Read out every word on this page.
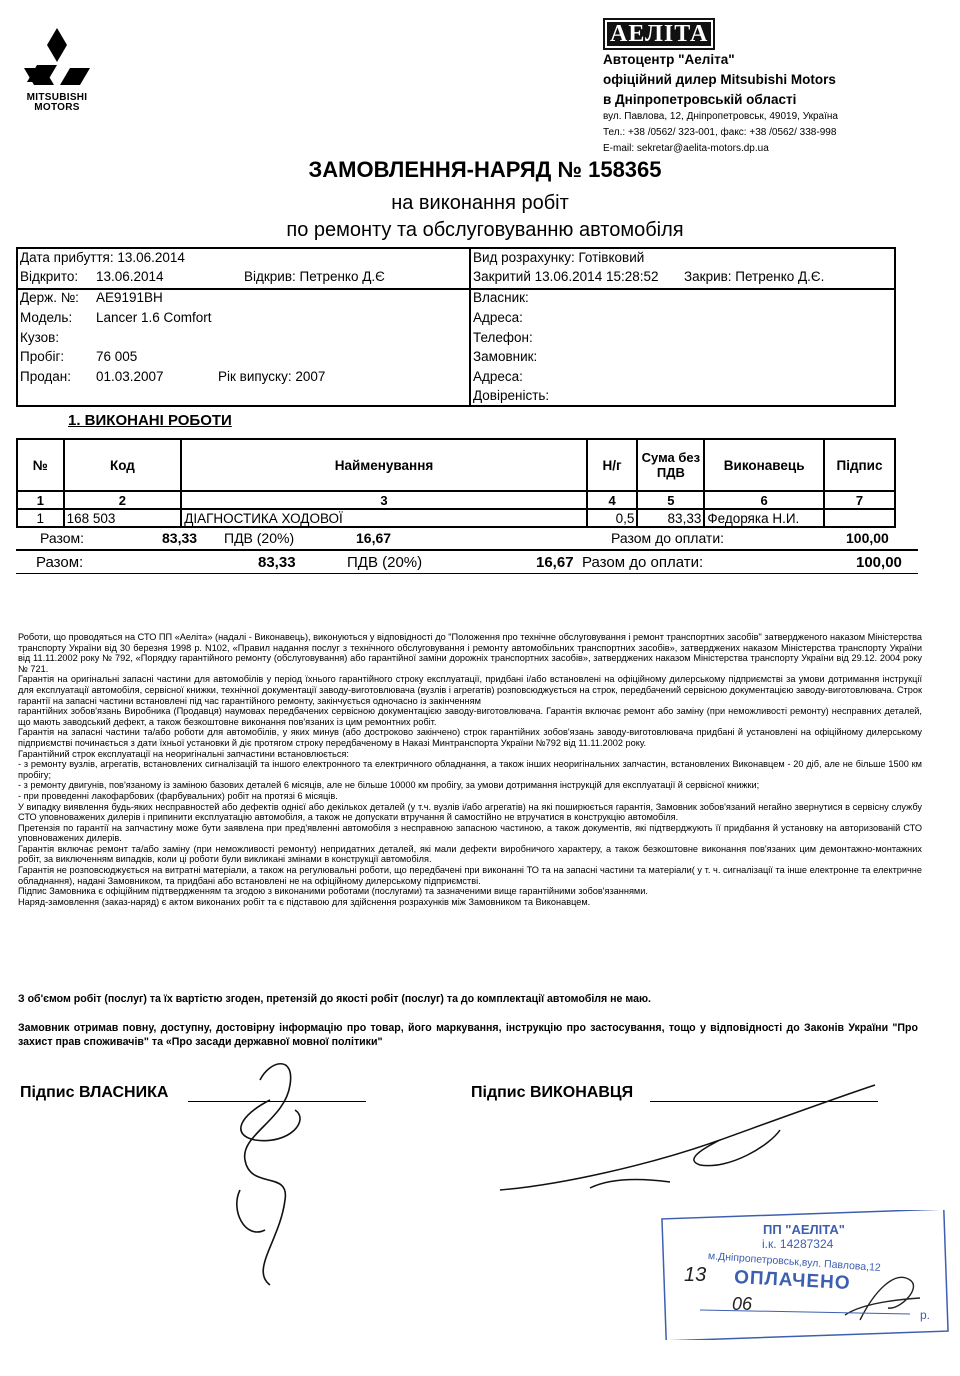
MITSUBISHI
MOTORS
АЕЛІТА
Автоцентр "Аеліта"
офіційний дилер Mitsubishi Motors
в Дніпропетровській області
вул. Павлова, 12, Дніпропетровськ, 49019, Україна
Тел.: +38 /0562/ 323-001, факс: +38 /0562/ 338-998
E-mail: sekretar@aelita-motors.dp.ua
ЗАМОВЛЕННЯ-НАРЯД № 158365
на виконання робіт
по ремонту та обслуговуванню автомобіля
Дата прибуття: 13.06.2014
Відкрито: 13.06.2014	Відкрив: Петренко Д.Є
Вид розрахунку: Готівковий
Закритий 13.06.2014 15:28:52	Закрив: Петренко Д.Є.
Держ. №: AE9191BH
Модель: Lancer 1.6 Comfort
Кузов:
Пробіг: 76 005
Продан: 01.03.2007	Рік випуску: 2007
Власник:
Адреса:
Телефон:
Замовник:
Адреса:
Довіреність:
1. ВИКОНАНІ РОБОТИ
№	Код	Найменування	Н/г	Сума без ПДВ	Виконавець	Підпис
1	2	3	4	5	6	7
1	168 503	ДІАГНОСТИКА ХОДОВОЇ	0,5	83,33	Федоряка Н.И.	
Разом:	83,33 ПДВ (20%)	16,67	Разом до оплати:	100,00
Разом:	83,33	ПДВ (20%)	16,67 Разом до оплати:	100,00

Роботи, що проводяться на СТО ПП «Аеліта» (надалі - Виконавець), виконуються у відповідності до "Положення про технічне обслуговування і ремонт транспортних засобів" затвердженого наказом Міністерства транспорту України від 30 березня 1998 р. N102, «Правил надання послуг з технічного обслуговування і ремонту автомобільних транспортних засобів», затверджених наказом Міністерства транспорту України від 11.11.2002 року № 792, «Порядку гарантійного ремонту (обслуговування) або гарантійної заміни дорожніх транспортних засобів», затверджених наказом Міністерства транспорту України від 29.12. 2004 року № 721.

Гарантія на оригінальні запасні частини для автомобілів у період їхнього гарантійного строку експлуатації, придбані і/або встановлені на офіційному дилерському підприємстві за умови дотримання інструкції для експлуатації автомобіля, сервісної книжки, технічної документації заводу-виготовлювача (вузлів і агрегатів) розповсюджується на строк, передбачений сервісною документацією заводу-виготовлювача. Строк гарантії на запасні частини встановлені під час гарантійного ремонту, закінчується одночасно із закінченням

гарантійних зобов'язань Виробника (Продавця) наумовах передбачених сервісною документацією заводу-виготовлювача. Гарантія включає ремонт або заміну (при неможливості ремонту) несправних деталей, що мають заводський дефект, а також безкоштовне виконання пов'язаних із цим ремонтних робіт.

Гарантія на запасні частини та/або роботи для автомобілів, у яких минув (або достроково закінчено) строк гарантійних зобов'язань заводу-виготовлювача придбані й установлені на офіційному дилерському підприємстві починається з дати їхньої установки й діє протягом строку передбаченому в Наказі Минтранспорта України №792 від 11.11.2002 року.

Гарантійний строк експлуатації на неоригінальні запчастини встановлюється:

- з ремонту вузлів, агрегатів, встановлених сигналізацій та іншого електронного та електричного обладнання, а також інших неоригінальних запчастин, встановлених Виконавцем - 20 діб, але не більше 1500 км пробігу;

- з ремонту двигунів, пов'язаному із заміною базових деталей 6 місяців, але не більше 10000 км пробігу, за умови дотримання інструкцій для експлуатації й сервісної книжки;

- при проведенні лакофарбових (фарбувальних) робіт на протязі 6 місяців.

У випадку виявлення будь-яких несправностей або дефектів однієї або декількох деталей (у т.ч. вузлів і/або агрегатів) на які поширюється гарантія, Замовник зобов'язаний негайно звернутися в сервісну службу СТО уповноважених дилерів і припинити експлуатацію автомобіля, а також не допускати втручання й самостійно не втручатися в конструкцію автомобіля.

Претензія по гарантії на запчастину може бути заявлена при пред'явленні автомобіля з несправною запасною частиною, а також документів, які підтверджують її придбання й установку на авторизованій СТО уповноважених дилерів.

Гарантія включає ремонт та/або заміну (при неможливості ремонту) непридатних деталей, які мали дефекти виробничого характеру, а також безкоштовне виконання пов'язаних цим демонтажно-монтажних робіт, за виключенням випадків, коли ці роботи були викликані змінами в конструкції автомобіля.

Гарантія не розповсюджується на витратні матеріали, а також на регулювальні роботи, що передбачені при виконанні ТО та на запасні частини та матеріали( у т. ч. сигналізації та інше електронне та електричне обладнання), надані Замовником, та придбані або встановлені не на офіційному дилерському підприємстві.

Підпис Замовника є офіційним підтвердженням та згодою з виконаними роботами (послугами) та зазначеними вище гарантійними зобов'язаннями.

Наряд-замовлення (заказ-наряд) є актом виконаних робіт та є підставою для здійснення розрахунків між Замовником та Виконавцем.

З об'ємом робіт (послуг) та їх вартістю згоден, претензій до якості робіт (послуг) та до комплектації автомобіля не маю.
Замовник отримав повну, доступну, достовірну інформацію про товар, його маркування, інструкцію про застосування, тощо у відповідності до Законів України "Про захист прав споживачів" та «Про засади державної мовної політики"
Підпис ВЛАСНИКА	Підпис ВИКОНАВЦЯ
ПП "АЕЛІТА"
і.к. 14287324
м.Дніпропетровськ,вул. Павлова,12
ОПЛАЧЕНО
13
06
р.
